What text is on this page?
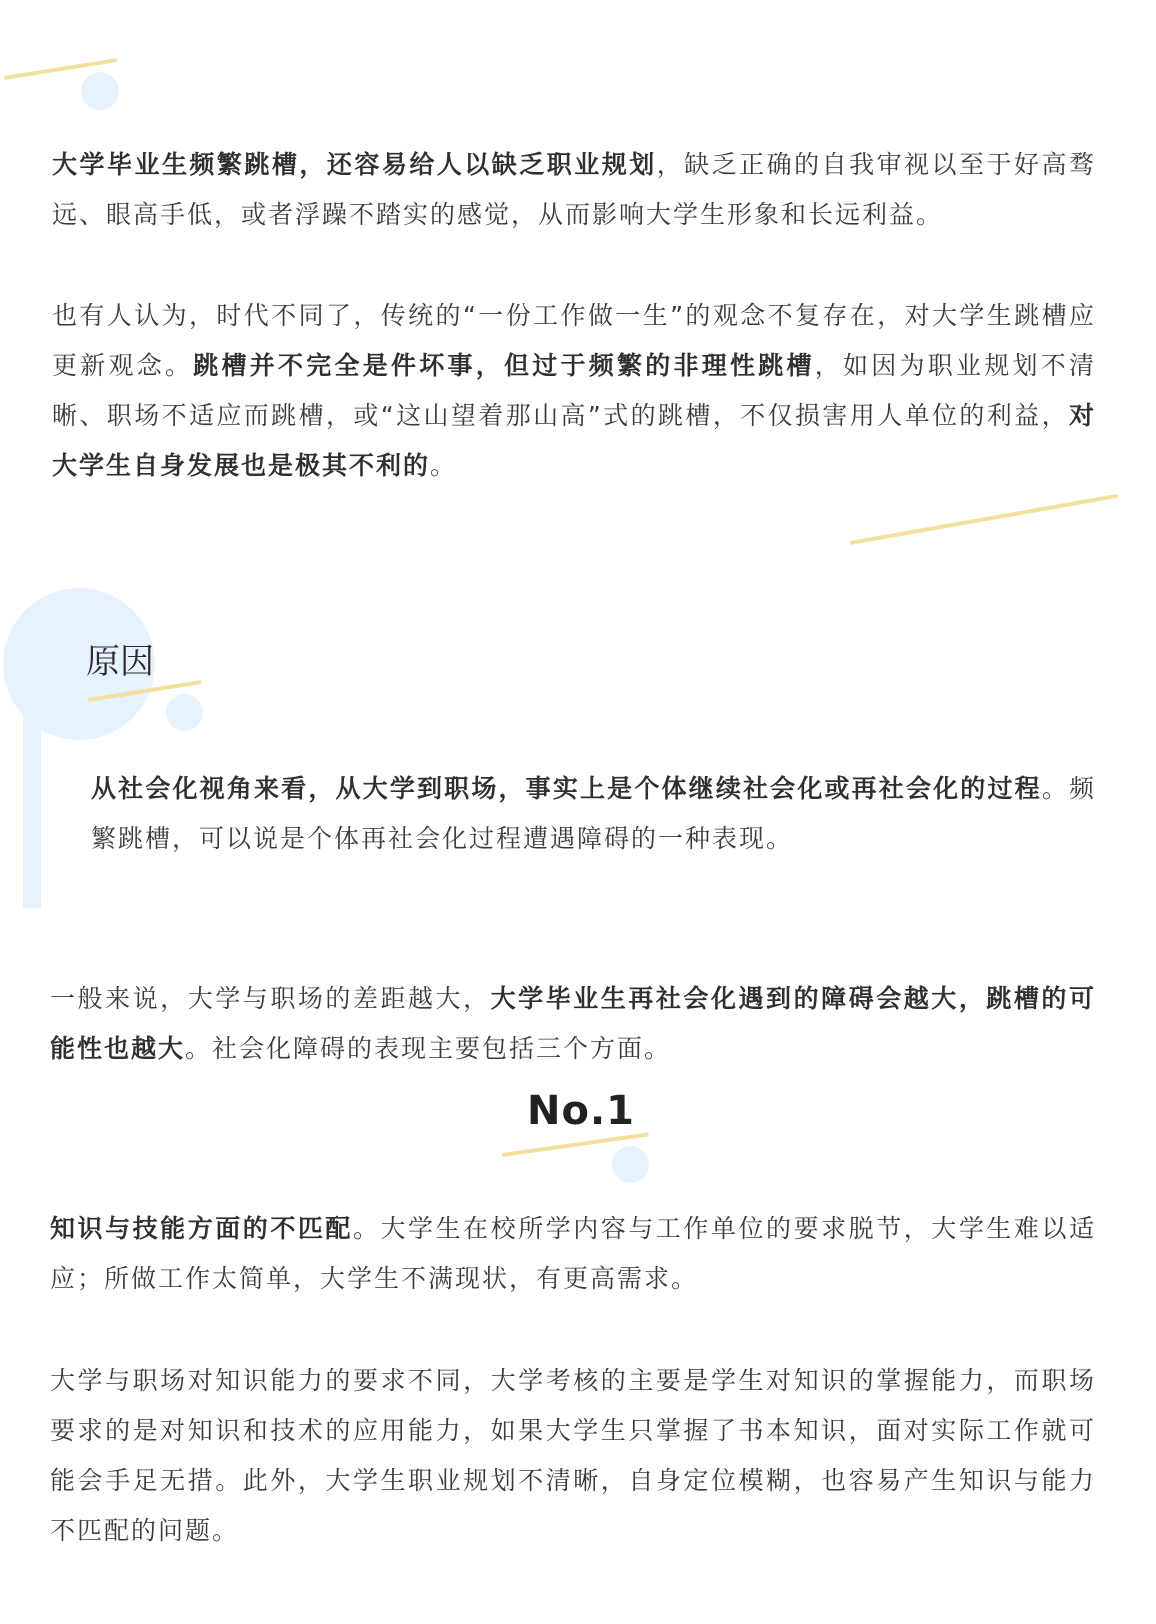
大学毕业生频繁跳槽，还容易给人以缺乏职业规划，缺乏正确的自我审视以至于好高骛远、眼高手低，或者浮躁不踏实的感觉，从而影响大学生形象和长远利益。

也有人认为，时代不同了，传统的“一份工作做一生”的观念不复存在，对大学生跳槽应更新观念。跳槽并不完全是件坏事，但过于频繁的非理性跳槽，如因为职业规划不清晰、职场不适应而跳槽，或“这山望着那山高”式的跳槽，不仅损害用人单位的利益，对大学生自身发展也是极其不利的。

原因

从社会化视角来看，从大学到职场，事实上是个体继续社会化或再社会化的过程。频繁跳槽，可以说是个体再社会化过程遭遇障碍的一种表现。

一般来说，大学与职场的差距越大，大学毕业生再社会化遇到的障碍会越大，跳槽的可能性也越大。社会化障碍的表现主要包括三个方面。

No.1

知识与技能方面的不匹配。大学生在校所学内容与工作单位的要求脱节，大学生难以适应；所做工作太简单，大学生不满现状，有更高需求。

大学与职场对知识能力的要求不同，大学考核的主要是学生对知识的掌握能力，而职场要求的是对知识和技术的应用能力，如果大学生只掌握了书本知识，面对实际工作就可能会手足无措。此外，大学生职业规划不清晰，自身定位模糊，也容易产生知识与能力不匹配的问题。
